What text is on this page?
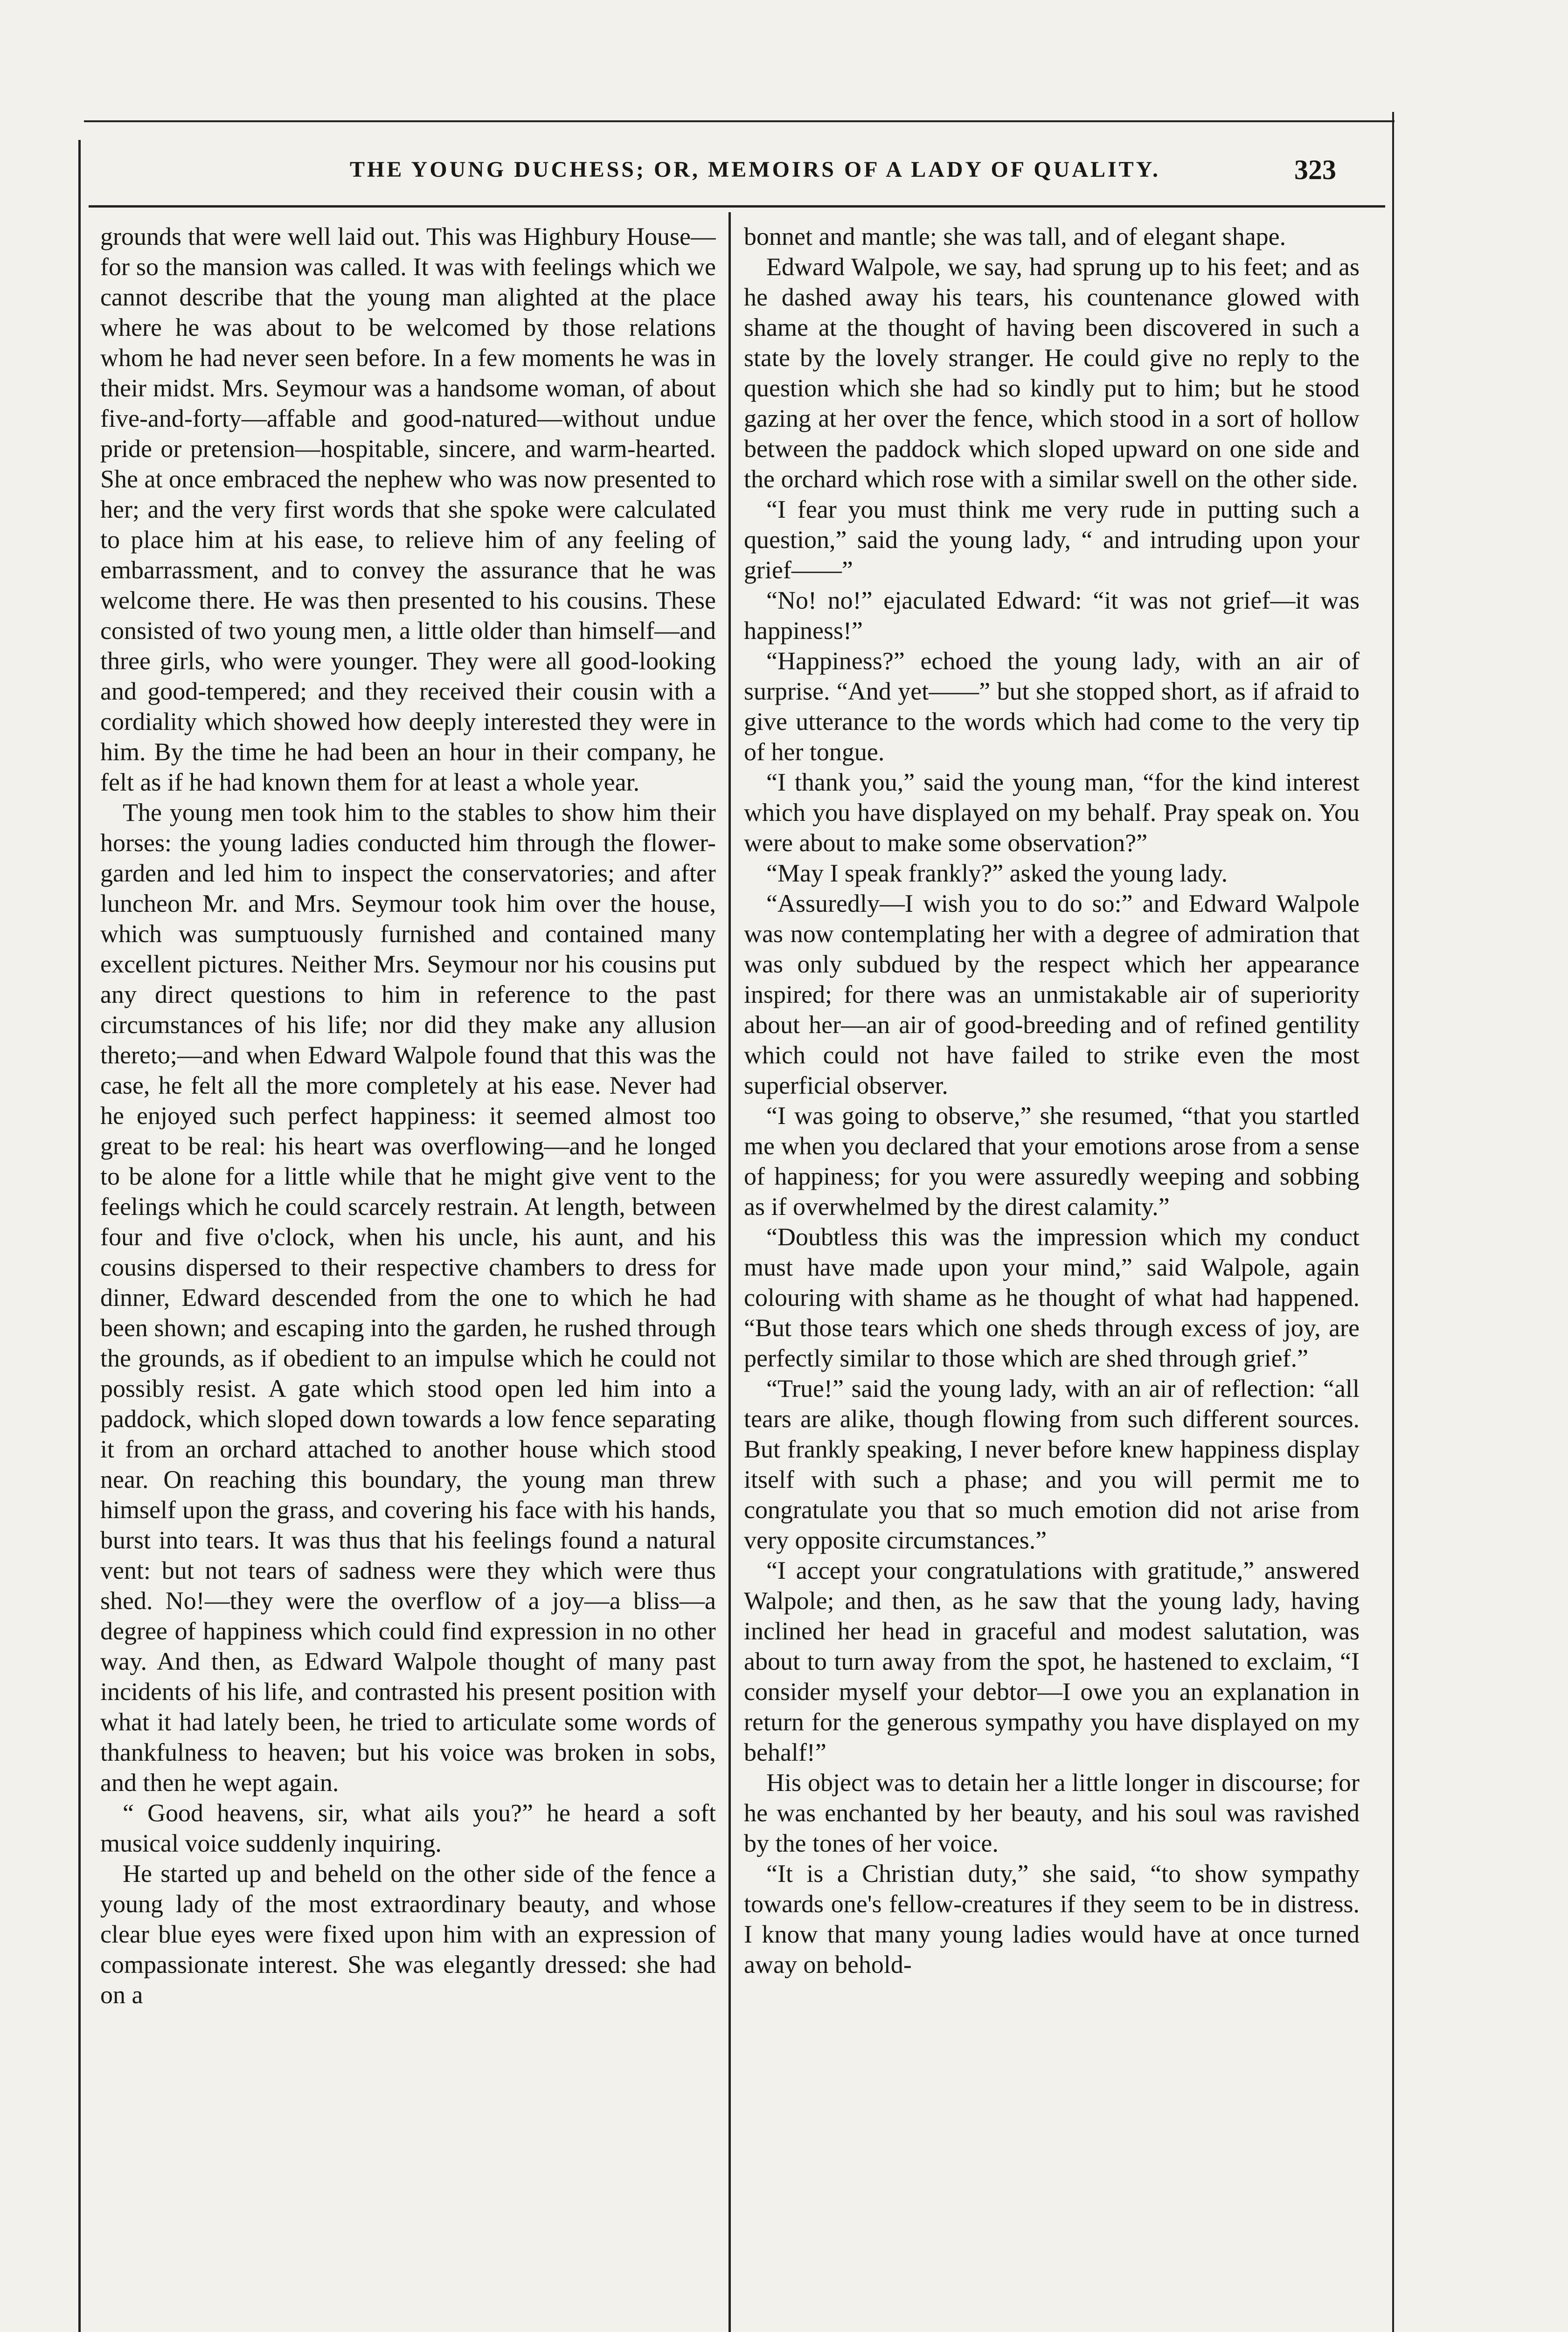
THE YOUNG DUCHESS; OR, MEMOIRS OF A LADY OF QUALITY.	323

grounds that were well laid out. This was Highbury House—for so the mansion was called. It was with feelings which we cannot describe that the young man alighted at the place where he was about to be welcomed by those relations whom he had never seen before. In a few moments he was in their midst. Mrs. Seymour was a handsome woman, of about five-and-forty—affable and good-natured—without undue pride or pretension—hospitable, sincere, and warm-hearted. She at once embraced the nephew who was now presented to her; and the very first words that she spoke were calculated to place him at his ease, to relieve him of any feeling of embarrassment, and to convey the assurance that he was welcome there. He was then presented to his cousins. These consisted of two young men, a little older than himself—and three girls, who were younger. They were all good-looking and good-tempered; and they received their cousin with a cordiality which showed how deeply interested they were in him. By the time he had been an hour in their company, he felt as if he had known them for at least a whole year.

The young men took him to the stables to show him their horses: the young ladies conducted him through the flower-garden and led him to inspect the conservatories; and after luncheon Mr. and Mrs. Seymour took him over the house, which was sumptuously furnished and contained many excellent pictures. Neither Mrs. Seymour nor his cousins put any direct questions to him in reference to the past circumstances of his life; nor did they make any allusion thereto;—and when Edward Walpole found that this was the case, he felt all the more completely at his ease. Never had he enjoyed such perfect happiness: it seemed almost too great to be real: his heart was overflowing—and he longed to be alone for a little while that he might give vent to the feelings which he could scarcely restrain. At length, between four and five o'clock, when his uncle, his aunt, and his cousins dispersed to their respective chambers to dress for dinner, Edward descended from the one to which he had been shown; and escaping into the garden, he rushed through the grounds, as if obedient to an impulse which he could not possibly resist. A gate which stood open led him into a paddock, which sloped down towards a low fence separating it from an orchard attached to another house which stood near. On reaching this boundary, the young man threw himself upon the grass, and covering his face with his hands, burst into tears. It was thus that his feelings found a natural vent: but not tears of sadness were they which were thus shed. No!—they were the overflow of a joy—a bliss—a degree of happiness which could find expression in no other way. And then, as Edward Walpole thought of many past incidents of his life, and contrasted his present position with what it had lately been, he tried to articulate some words of thankfulness to heaven; but his voice was broken in sobs, and then he wept again.

“ Good heavens, sir, what ails you?” he heard a soft musical voice suddenly inquiring.

He started up and beheld on the other side of the fence a young lady of the most extraordinary beauty, and whose clear blue eyes were fixed upon him with an expression of compassionate interest. She was elegantly dressed: she had on a

bonnet and mantle; she was tall, and of elegant shape.

Edward Walpole, we say, had sprung up to his feet; and as he dashed away his tears, his countenance glowed with shame at the thought of having been discovered in such a state by the lovely stranger. He could give no reply to the question which she had so kindly put to him; but he stood gazing at her over the fence, which stood in a sort of hollow between the paddock which sloped upward on one side and the orchard which rose with a similar swell on the other side.

“I fear you must think me very rude in putting such a question,” said the young lady, “ and intruding upon your grief——”

“No! no!” ejaculated Edward: “it was not grief—it was happiness!”

“Happiness?” echoed the young lady, with an air of surprise. “And yet——” but she stopped short, as if afraid to give utterance to the words which had come to the very tip of her tongue.

“I thank you,” said the young man, “for the kind interest which you have displayed on my behalf. Pray speak on. You were about to make some observation?”

“May I speak frankly?” asked the young lady.

“Assuredly—I wish you to do so:” and Edward Walpole was now contemplating her with a degree of admiration that was only subdued by the respect which her appearance inspired; for there was an unmistakable air of superiority about her—an air of good-breeding and of refined gentility which could not have failed to strike even the most superficial observer.

“I was going to observe,” she resumed, “that you startled me when you declared that your emotions arose from a sense of happiness; for you were assuredly weeping and sobbing as if overwhelmed by the direst calamity.”

“Doubtless this was the impression which my conduct must have made upon your mind,” said Walpole, again colouring with shame as he thought of what had happened. “But those tears which one sheds through excess of joy, are perfectly similar to those which are shed through grief.”

“True!” said the young lady, with an air of reflection: “all tears are alike, though flowing from such different sources. But frankly speaking, I never before knew happiness display itself with such a phase; and you will permit me to congratulate you that so much emotion did not arise from very opposite circumstances.”

“I accept your congratulations with gratitude,” answered Walpole; and then, as he saw that the young lady, having inclined her head in graceful and modest salutation, was about to turn away from the spot, he hastened to exclaim, “I consider myself your debtor—I owe you an explanation in return for the generous sympathy you have displayed on my behalf!”

His object was to detain her a little longer in discourse; for he was enchanted by her beauty, and his soul was ravished by the tones of her voice.

“It is a Christian duty,” she said, “to show sympathy towards one's fellow-creatures if they seem to be in distress. I know that many young ladies would have at once turned away on behold-
